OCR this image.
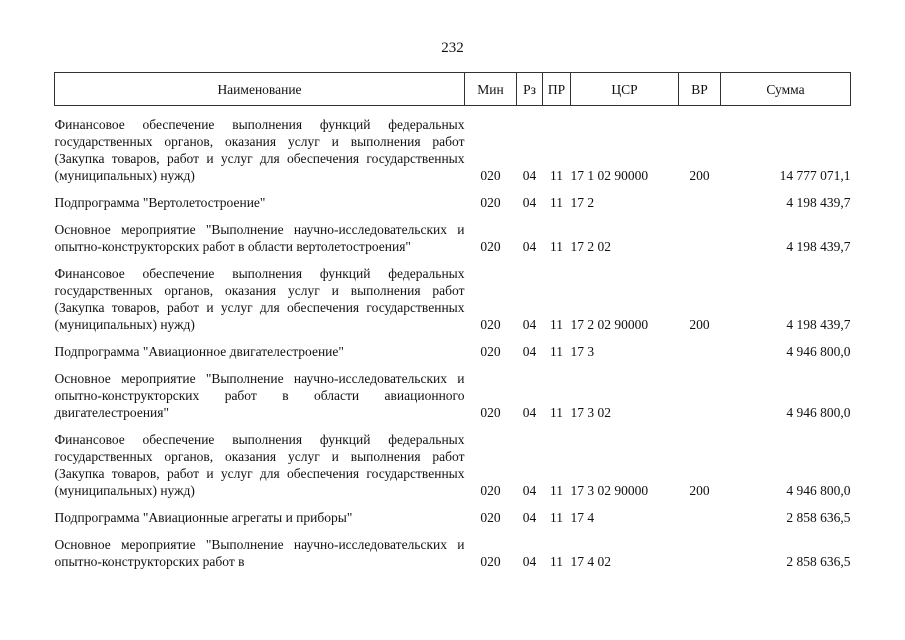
232
Наименование	Мин	Рз	ПР	ЦСР	ВР	Сумма

Финансовое обеспечение выполнения функций федеральных государственных органов, оказания услуг и выполнения работ (Закупка товаров, работ и услуг для обеспечения государственных (муниципальных) нужд)	020	04	11	17 1 02 90000	200	14 777 071,1

Подпрограмма "Вертолетостроение"	020	04	11	17 2		4 198 439,7

Основное мероприятие "Выполнение научно-исследовательских и опытно-конструкторских работ в области вертолетостроения"	020	04	11	17 2 02		4 198 439,7

Финансовое обеспечение выполнения функций федеральных государственных органов, оказания услуг и выполнения работ (Закупка товаров, работ и услуг для обеспечения государственных (муниципальных) нужд)	020	04	11	17 2 02 90000	200	4 198 439,7

Подпрограмма "Авиационное двигателестроение"	020	04	11	17 3		4 946 800,0

Основное мероприятие "Выполнение научно-исследовательских и опытно-конструкторских работ в области авиационного двигателестроения"	020	04	11	17 3 02		4 946 800,0

Финансовое обеспечение выполнения функций федеральных государственных органов, оказания услуг и выполнения работ (Закупка товаров, работ и услуг для обеспечения государственных (муниципальных) нужд)	020	04	11	17 3 02 90000	200	4 946 800,0

Подпрограмма "Авиационные агрегаты и приборы"	020	04	11	17 4		2 858 636,5

Основное мероприятие "Выполнение научно-исследовательских и опытно-конструкторских работ в	020	04	11	17 4 02		2 858 636,5
